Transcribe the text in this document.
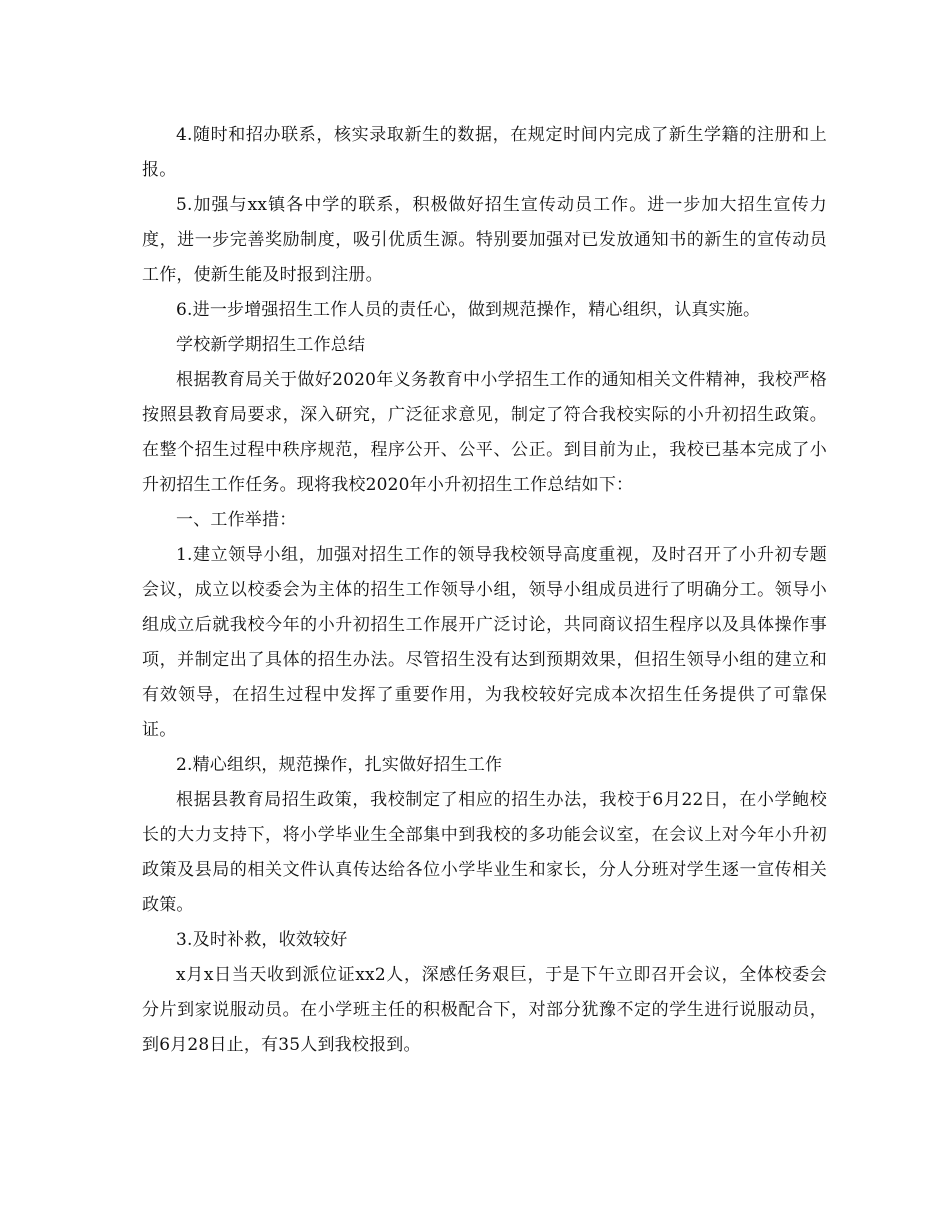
4.随时和招办联系，核实录取新生的数据，在规定时间内完成了新生学籍的注册和上报。

5.加强与xx镇各中学的联系，积极做好招生宣传动员工作。进一步加大招生宣传力度，进一步完善奖励制度，吸引优质生源。特别要加强对已发放通知书的新生的宣传动员工作，使新生能及时报到注册。

6.进一步增强招生工作人员的责任心，做到规范操作，精心组织，认真实施。

学校新学期招生工作总结

根据教育局关于做好2020年义务教育中小学招生工作的通知相关文件精神，我校严格按照县教育局要求，深入研究，广泛征求意见，制定了符合我校实际的小升初招生政策。在整个招生过程中秩序规范，程序公开、公平、公正。到目前为止，我校已基本完成了小升初招生工作任务。现将我校2020年小升初招生工作总结如下：

一、工作举措：

1.建立领导小组，加强对招生工作的领导我校领导高度重视，及时召开了小升初专题会议，成立以校委会为主体的招生工作领导小组，领导小组成员进行了明确分工。领导小组成立后就我校今年的小升初招生工作展开广泛讨论，共同商议招生程序以及具体操作事项，并制定出了具体的招生办法。尽管招生没有达到预期效果，但招生领导小组的建立和有效领导，在招生过程中发挥了重要作用，为我校较好完成本次招生任务提供了可靠保证。

2.精心组织，规范操作，扎实做好招生工作

根据县教育局招生政策，我校制定了相应的招生办法，我校于6月22日，在小学鲍校长的大力支持下，将小学毕业生全部集中到我校的多功能会议室，在会议上对今年小升初政策及县局的相关文件认真传达给各位小学毕业生和家长，分人分班对学生逐一宣传相关政策。

3.及时补救，收效较好

x月x日当天收到派位证xx2人，深感任务艰巨，于是下午立即召开会议，全体校委会分片到家说服动员。在小学班主任的积极配合下，对部分犹豫不定的学生进行说服动员，到6月28日止，有35人到我校报到。
